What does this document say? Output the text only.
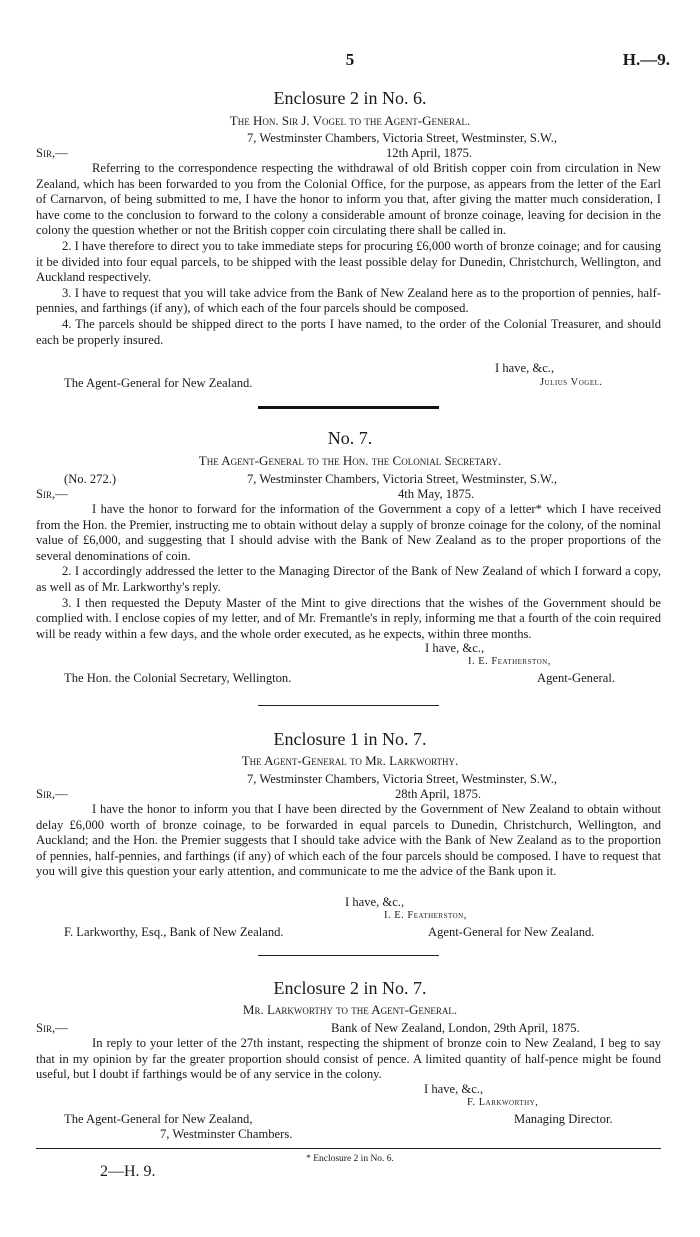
5	H.—9.
Enclosure 2 in No. 6.
The Hon. Sir J. Vogel to the Agent-General.
7, Westminster Chambers, Victoria Street, Westminster, S.W.,
Sir,—	12th April, 1875.

Referring to the correspondence respecting the withdrawal of old British copper coin from circulation in New Zealand, which has been forwarded to you from the Colonial Office, for the purpose, as appears from the letter of the Earl of Carnarvon, of being submitted to me, I have the honor to inform you that, after giving the matter much consideration, I have come to the conclusion to forward to the colony a considerable amount of bronze coinage, leaving for decision in the colony the question whether or not the British copper coin circulating there shall be called in.

2. I have therefore to direct you to take immediate steps for procuring £6,000 worth of bronze coinage; and for causing it be divided into four equal parcels, to be shipped with the least possible delay for Dunedin, Christchurch, Wellington, and Auckland respectively.

3. I have to request that you will take advice from the Bank of New Zealand here as to the proportion of pennies, half-pennies, and farthings (if any), of which each of the four parcels should be composed.

4. The parcels should be shipped direct to the ports I have named, to the order of the Colonial Treasurer, and should each be properly insured.

I have, &c.,
The Agent-General for New Zealand.	Julius Vogel.
No. 7.
The Agent-General to the Hon. the Colonial Secretary.
(No. 272.)	7, Westminster Chambers, Victoria Street, Westminster, S.W.,
Sir,—	4th May, 1875.

I have the honor to forward for the information of the Government a copy of a letter* which I have received from the Hon. the Premier, instructing me to obtain without delay a supply of bronze coinage for the colony, of the nominal value of £6,000, and suggesting that I should advise with the Bank of New Zealand as to the proper proportions of the several denominations of coin.

2. I accordingly addressed the letter to the Managing Director of the Bank of New Zealand of which I forward a copy, as well as of Mr. Larkworthy's reply.

3. I then requested the Deputy Master of the Mint to give directions that the wishes of the Government should be complied with. I enclose copies of my letter, and of Mr. Fremantle's in reply, informing me that a fourth of the coin required will be ready within a few days, and the whole order executed, as he expects, within three months.

I have, &c.,
I. E. Featherston,
The Hon. the Colonial Secretary, Wellington.	Agent-General.
Enclosure 1 in No. 7.
The Agent-General to Mr. Larkworthy.
7, Westminster Chambers, Victoria Street, Westminster, S.W.,
Sir,—	28th April, 1875.

I have the honor to inform you that I have been directed by the Government of New Zealand to obtain without delay £6,000 worth of bronze coinage, to be forwarded in equal parcels to Dunedin, Christchurch, Wellington, and Auckland; and the Hon. the Premier suggests that I should take advice with the Bank of New Zealand as to the proportion of pennies, half-pennies, and farthings (if any) of which each of the four parcels should be composed. I have to request that you will give this question your early attention, and communicate to me the advice of the Bank upon it.

I have, &c.,
I. E. Featherston,
F. Larkworthy, Esq., Bank of New Zealand.	Agent-General for New Zealand.
Enclosure 2 in No. 7.
Mr. Larkworthy to the Agent-General.
Sir,—	Bank of New Zealand, London, 29th April, 1875.

In reply to your letter of the 27th instant, respecting the shipment of bronze coin to New Zealand, I beg to say that in my opinion by far the greater proportion should consist of pence. A limited quantity of half-pence might be found useful, but I doubt if farthings would be of any service in the colony.

I have, &c.,
F. Larkworthy,
The Agent-General for New Zealand,	Managing Director.
7, Westminster Chambers.
* Enclosure 2 in No. 6.
2—H. 9.
